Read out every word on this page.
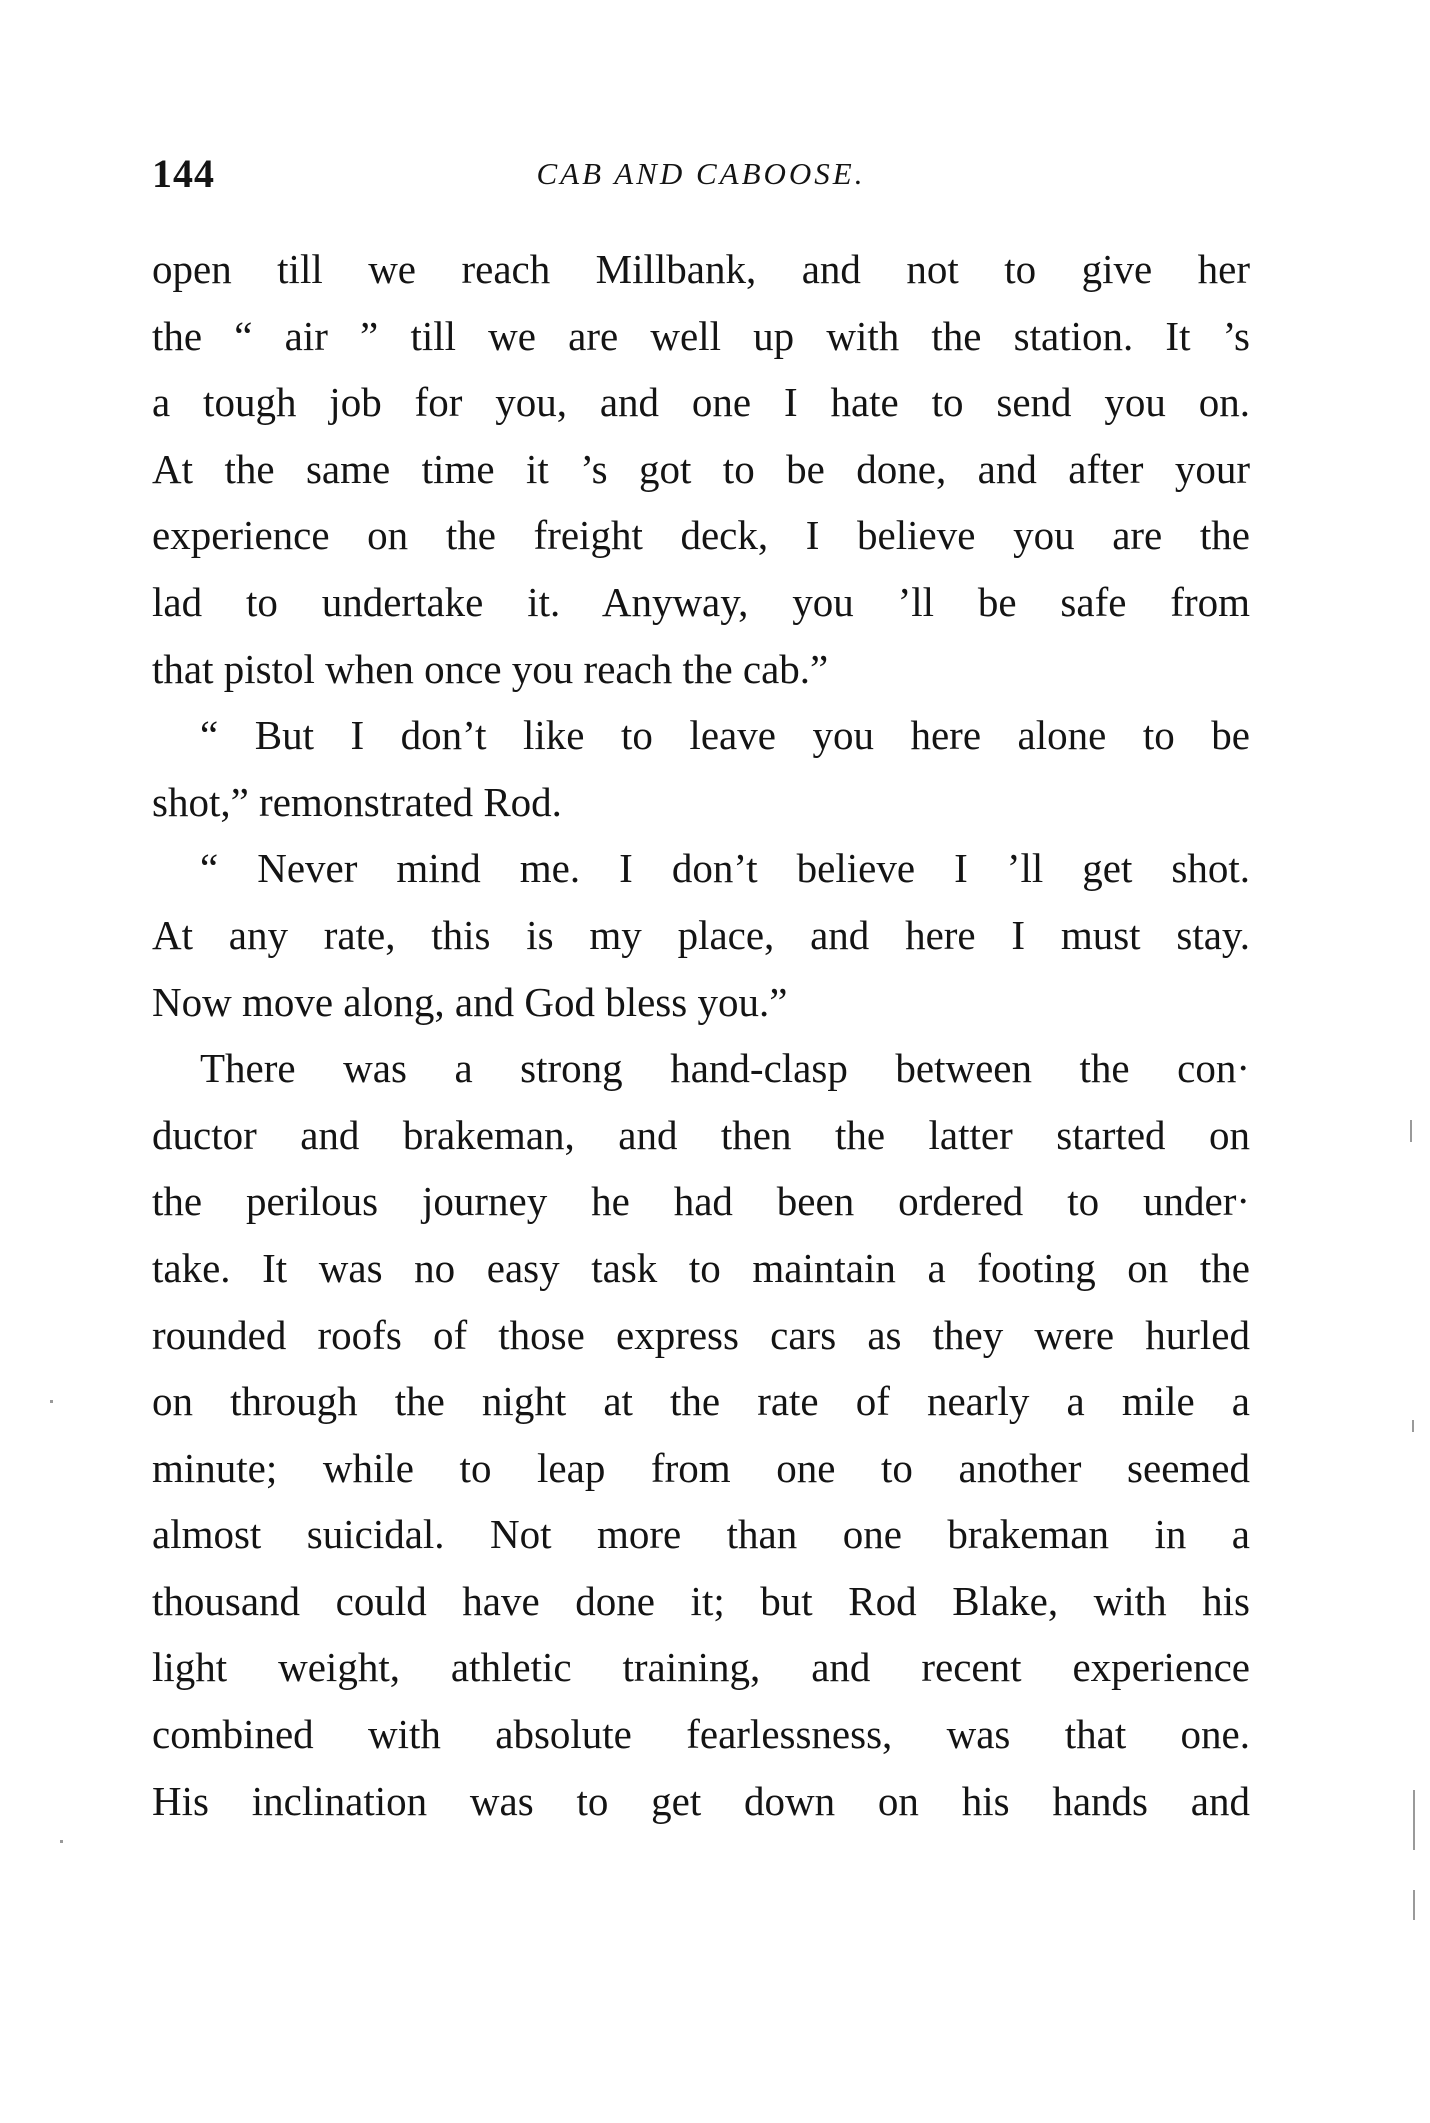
144	CAB AND CABOOSE.
open till we reach Millbank, and not to give her
the “ air ” till we are well up with the station. It ’s
a tough job for you, and one I hate to send you on.
At the same time it ’s got to be done, and after your
experience on the freight deck, I believe you are the
lad to undertake it. Anyway, you ’ll be safe from
that pistol when once you reach the cab.”
“ But I don’t like to leave you here alone to be
shot,” remonstrated Rod.
“ Never mind me. I don’t believe I ’ll get shot.
At any rate, this is my place, and here I must stay.
Now move along, and God bless you.”
There was a strong hand-clasp between the con·
ductor and brakeman, and then the latter started on
the perilous journey he had been ordered to under·
take. It was no easy task to maintain a footing on the
rounded roofs of those express cars as they were hurled
on through the night at the rate of nearly a mile a
minute; while to leap from one to another seemed
almost suicidal. Not more than one brakeman in a
thousand could have done it; but Rod Blake, with his
light weight, athletic training, and recent experience
combined with absolute fearlessness, was that one.
His inclination was to get down on his hands and
